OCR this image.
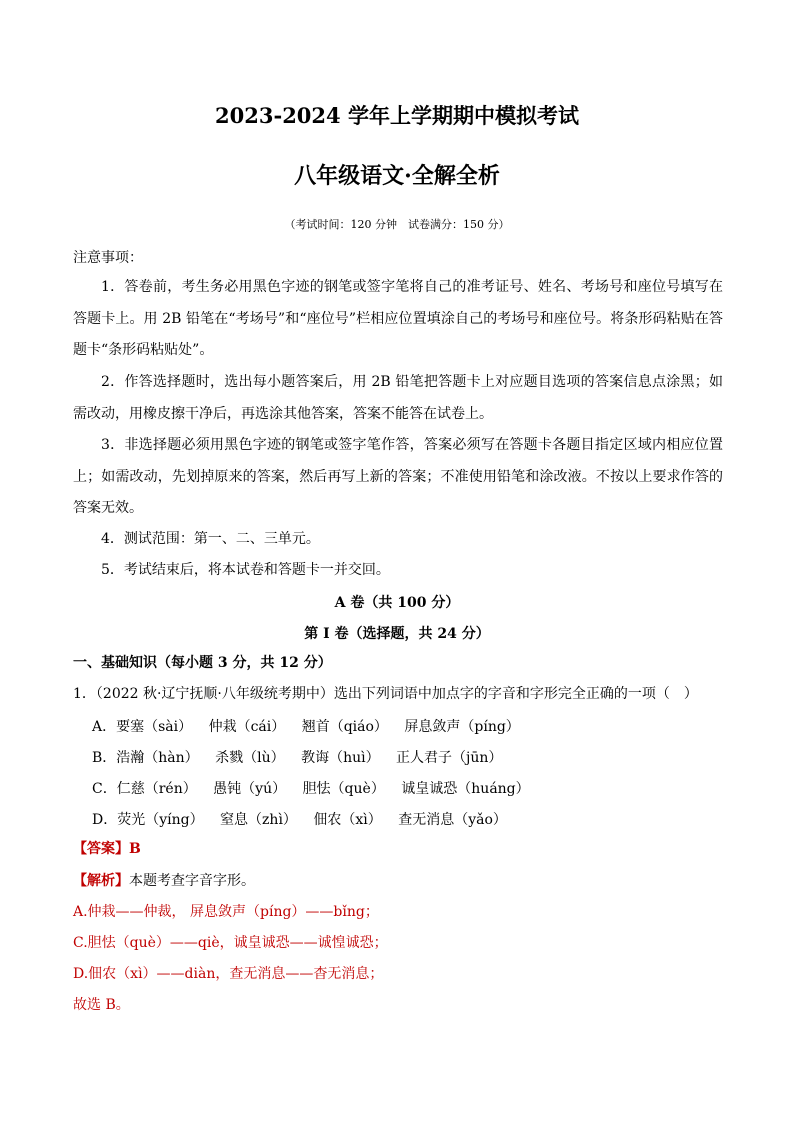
2023-2024 学年上学期期中模拟考试
八年级语文·全解全析
（考试时间：120 分钟　试卷满分：150 分）
注意事项：
1．答卷前，考生务必用黑色字迹的钢笔或签字笔将自己的准考证号、姓名、考场号和座位号填写在答题卡上。用 2B 铅笔在“考场号”和“座位号”栏相应位置填涂自己的考场号和座位号。将条形码粘贴在答题卡“条形码粘贴处”。
2．作答选择题时，选出每小题答案后，用 2B 铅笔把答题卡上对应题目选项的答案信息点涂黑；如需改动，用橡皮擦干净后，再选涂其他答案，答案不能答在试卷上。
3．非选择题必须用黑色字迹的钢笔或签字笔作答，答案必须写在答题卡各题目指定区域内相应位置上；如需改动，先划掉原来的答案，然后再写上新的答案；不准使用铅笔和涂改液。不按以上要求作答的答案无效。
4．测试范围：第一、二、三单元。
5．考试结束后，将本试卷和答题卡一并交回。
A 卷（共 100 分）
第 I 卷（选择题，共 24 分）
一、基础知识（每小题 3 分，共 12 分）
1．（2022 秋·辽宁抚顺·八年级统考期中）选出下列词语中加点字的字音和字形完全正确的一项（　）
A．要塞（sài） 仲栽（cái） 翘首（qiáo） 屏息敛声（píng）
B．浩瀚（hàn） 杀戮（lù） 教诲（huì） 正人君子（jūn）
C．仁慈（rén） 愚钝（yú） 胆怯（què） 诚皇诚恐（huáng）
D．荧光（yíng） 窒息（zhì） 佃农（xì） 查无消息（yǎo）
【答案】B
【解析】本题考查字音字形。
A.仲栽——仲裁， 屏息敛声（píng）——bǐng；
C.胆怯（què）——qiè，诚皇诚恐——诚惶诚恐；
D.佃农（xì）——diàn，查无消息——杳无消息；
故选 B。
